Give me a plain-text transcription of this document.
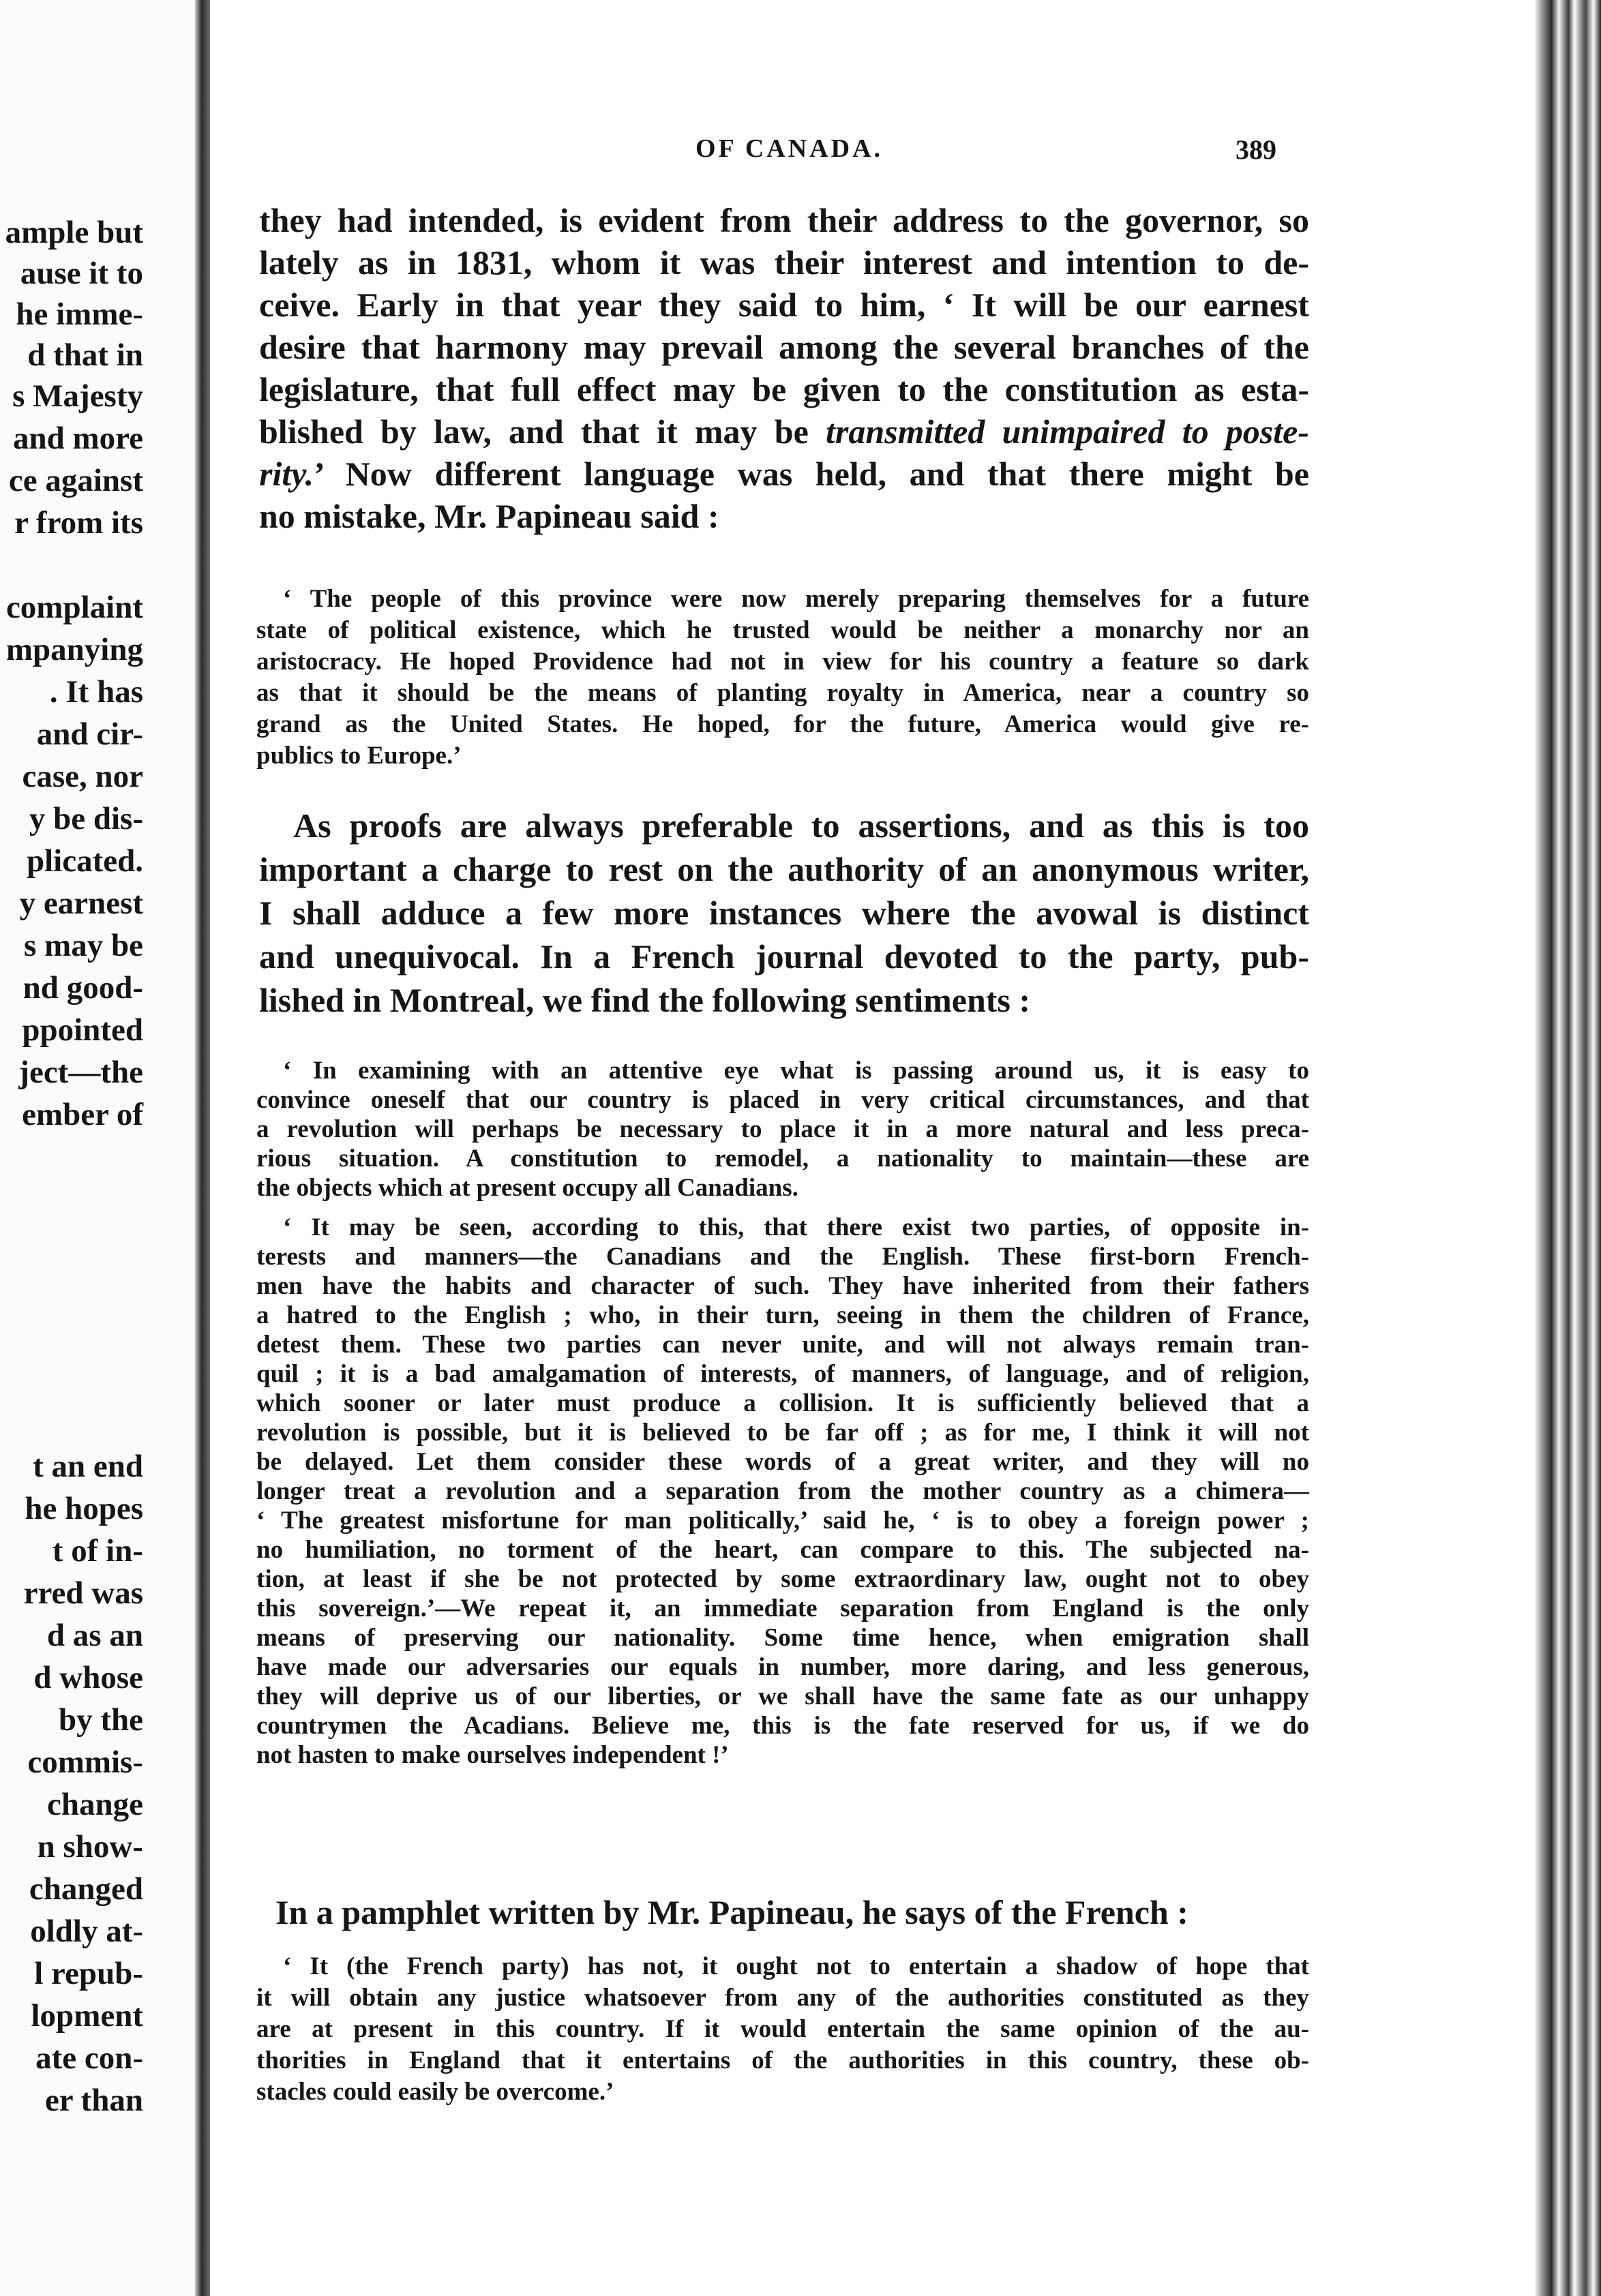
ample but
ause it to
he imme-
d that in
s Majesty
and more
ce against
r from its
complaint
mpanying
. It has
and cir-
case, nor
y be dis-
plicated.
y earnest
s may be
nd good-
ppointed
ject—the
ember of
t an end
he hopes
t of in-
rred was
d as an
d whose
by the
commis-
change
n show-
changed
oldly at-
l repub-
lopment
ate con-
er than
OF CANADA.	389

they had intended, is evident from their address to the governor, so

lately as in 1831, whom it was their interest and intention to de-

ceive. Early in that year they said to him, ‘ It will be our earnest

desire that harmony may prevail among the several branches of the

legislature, that full effect may be given to the constitution as esta-

blished by law, and that it may be transmitted unimpaired to poste-

rity.’ Now different language was held, and that there might be

no mistake, Mr. Papineau said :

‘ The people of this province were now merely preparing themselves for a future

state of political existence, which he trusted would be neither a monarchy nor an

aristocracy. He hoped Providence had not in view for his country a feature so dark

as that it should be the means of planting royalty in America, near a country so

grand as the United States. He hoped, for the future, America would give re-

publics to Europe.’

As proofs are always preferable to assertions, and as this is too

important a charge to rest on the authority of an anonymous writer,

I shall adduce a few more instances where the avowal is distinct

and unequivocal. In a French journal devoted to the party, pub-

lished in Montreal, we find the following sentiments :

‘ In examining with an attentive eye what is passing around us, it is easy to

convince oneself that our country is placed in very critical circumstances, and that

a revolution will perhaps be necessary to place it in a more natural and less preca-

rious situation. A constitution to remodel, a nationality to maintain—these are

the objects which at present occupy all Canadians.

‘ It may be seen, according to this, that there exist two parties, of opposite in-

terests and manners—the Canadians and the English. These first-born French-

men have the habits and character of such. They have inherited from their fathers

a hatred to the English ; who, in their turn, seeing in them the children of France,

detest them. These two parties can never unite, and will not always remain tran-

quil ; it is a bad amalgamation of interests, of manners, of language, and of religion,

which sooner or later must produce a collision. It is sufficiently believed that a

revolution is possible, but it is believed to be far off ; as for me, I think it will not

be delayed. Let them consider these words of a great writer, and they will no

longer treat a revolution and a separation from the mother country as a chimera—

‘ The greatest misfortune for man politically,’ said he, ‘ is to obey a foreign power ;

no humiliation, no torment of the heart, can compare to this. The subjected na-

tion, at least if she be not protected by some extraordinary law, ought not to obey

this sovereign.’—We repeat it, an immediate separation from England is the only

means of preserving our nationality. Some time hence, when emigration shall

have made our adversaries our equals in number, more daring, and less generous,

they will deprive us of our liberties, or we shall have the same fate as our unhappy

countrymen the Acadians. Believe me, this is the fate reserved for us, if we do

not hasten to make ourselves independent !’

In a pamphlet written by Mr. Papineau, he says of the French :

‘ It (the French party) has not, it ought not to entertain a shadow of hope that

it will obtain any justice whatsoever from any of the authorities constituted as they

are at present in this country. If it would entertain the same opinion of the au-

thorities in England that it entertains of the authorities in this country, these ob-

stacles could easily be overcome.’
